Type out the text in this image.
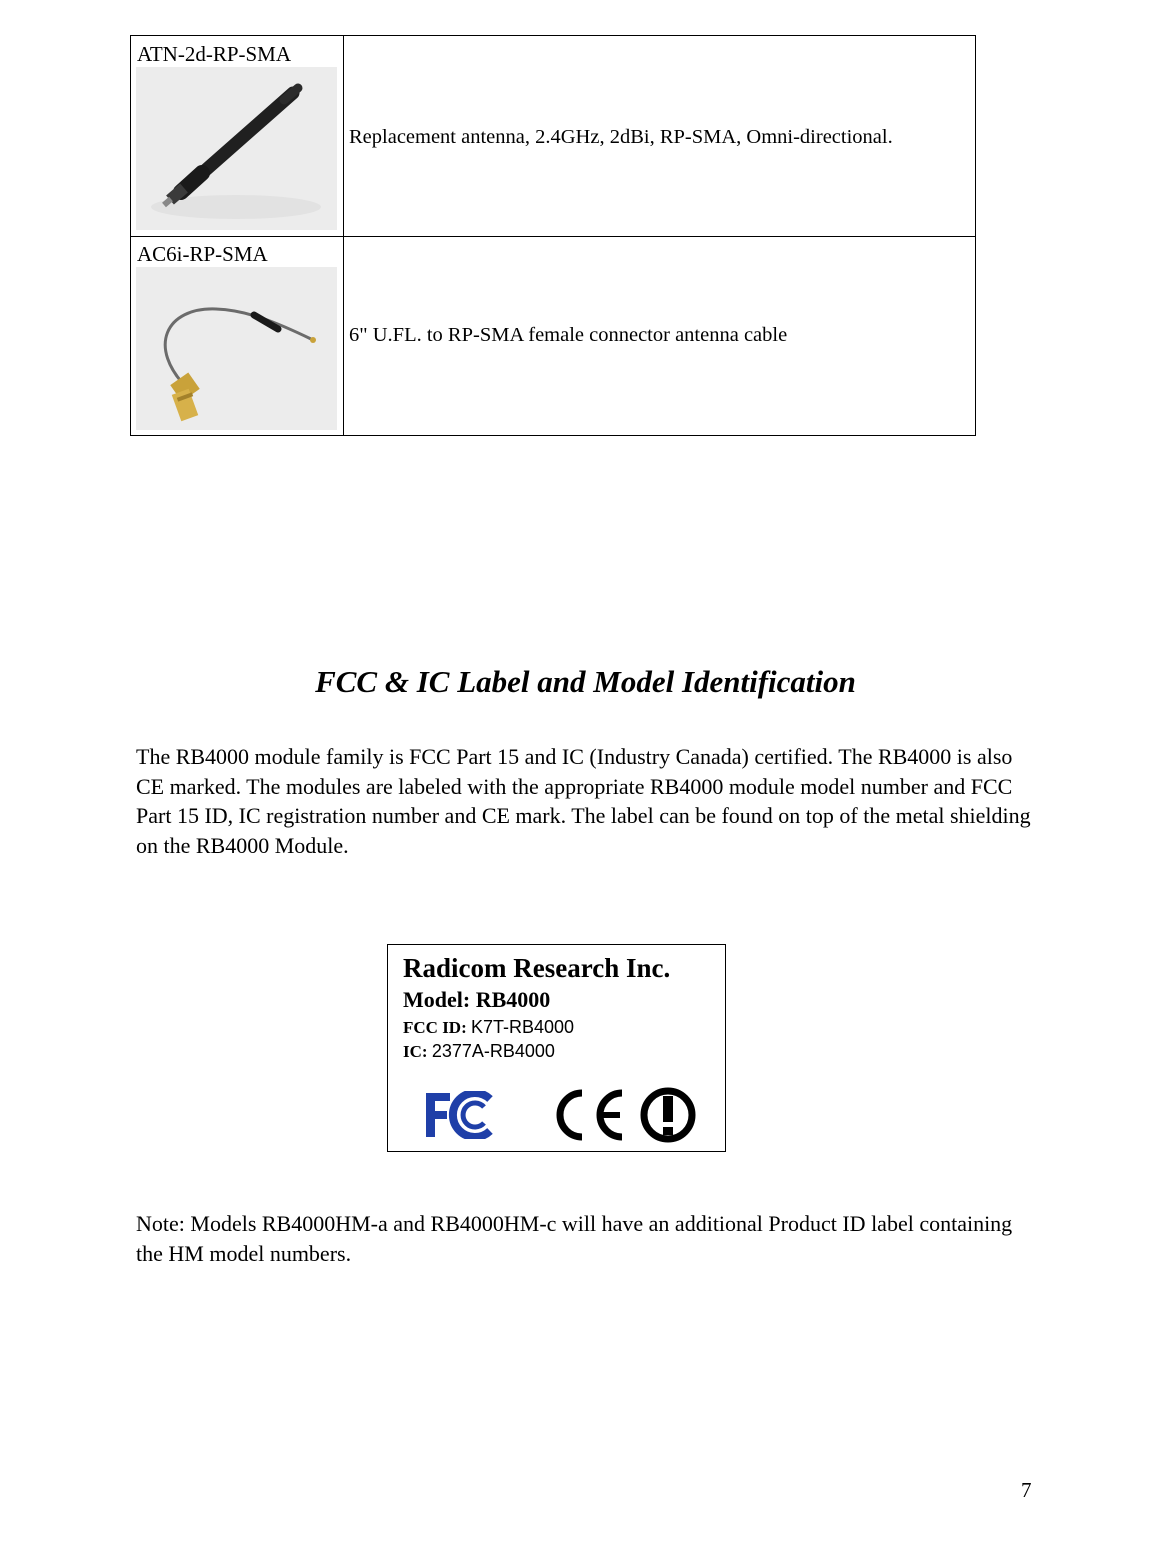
ATN-2d-RP-SMA
Replacement antenna, 2.4GHz, 2dBi, RP-SMA, Omni-directional.
AC6i-RP-SMA
6" U.FL. to RP-SMA female connector antenna cable
FCC & IC Label and Model Identification
The RB4000 module family is FCC Part 15 and IC (Industry Canada) certified. The RB4000 is also CE marked. The modules are labeled with the appropriate RB4000 module model number and FCC Part 15 ID, IC registration number and CE mark. The label can be found on top of the metal shielding on the RB4000 Module.
Radicom Research Inc.
Model: RB4000
FCC ID: K7T-RB4000
IC: 2377A-RB4000
Note: Models RB4000HM-a and RB4000HM-c will have an additional Product ID label containing the HM model numbers.
7
